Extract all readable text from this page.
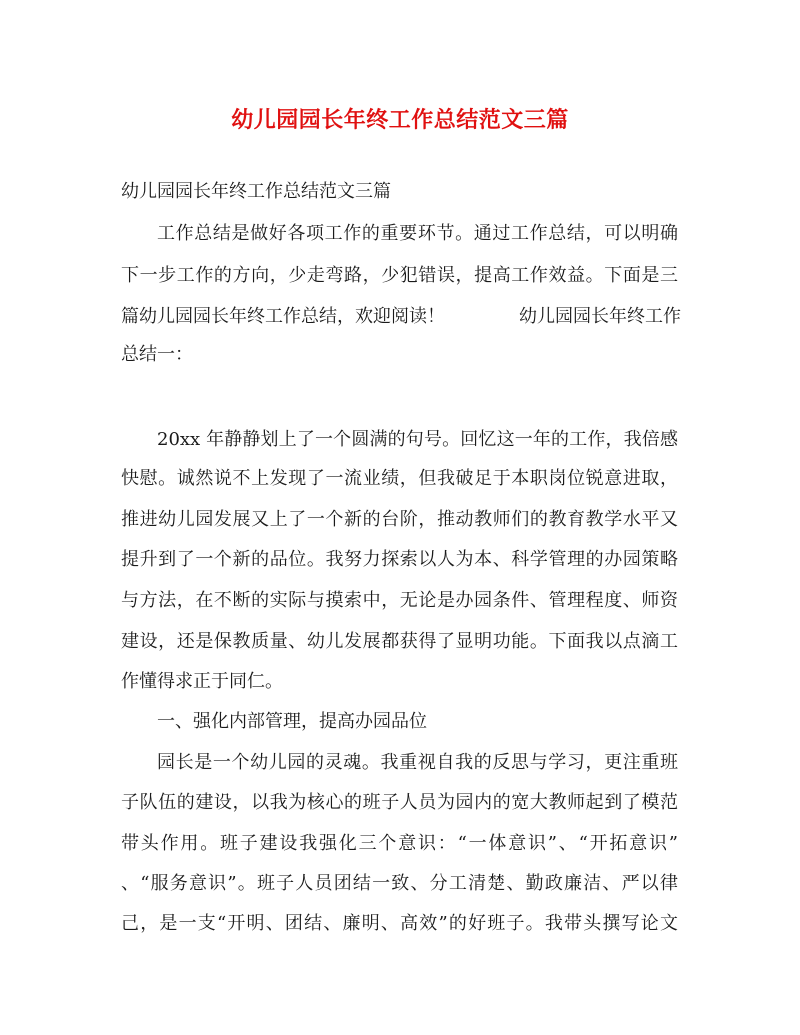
幼儿园园长年终工作总结范文三篇
幼儿园园长年终工作总结范文三篇
工作总结是做好各项工作的重要环节。通过工作总结，可以明确
下一步工作的方向，少走弯路，少犯错误，提高工作效益。下面是三
篇幼儿园园长年终工作总结，欢迎阅读！	幼儿园园长年终工作
总结一：
20xx 年静静划上了一个圆满的句号。回忆这一年的工作，我倍感
快慰。诚然说不上发现了一流业绩，但我破足于本职岗位锐意进取，
推进幼儿园发展又上了一个新的台阶，推动教师们的教育教学水平又
提升到了一个新的品位。我努力探索以人为本、科学管理的办园策略
与方法，在不断的实际与摸索中，无论是办园条件、管理程度、师资
建设，还是保教质量、幼儿发展都获得了显明功能。下面我以点滴工
作懂得求正于同仁。
一、强化内部管理，提高办园品位
园长是一个幼儿园的灵魂。我重视自我的反思与学习，更注重班
子队伍的建设，以我为核心的班子人员为园内的宽大教师起到了模范
带头作用。班子建设我强化三个意识：“一体意识”、“开拓意识”
、“服务意识”。班子人员团结一致、分工清楚、勤政廉洁、严以律
己，是一支“开明、团结、廉明、高效”的好班子。我带头撰写论文
